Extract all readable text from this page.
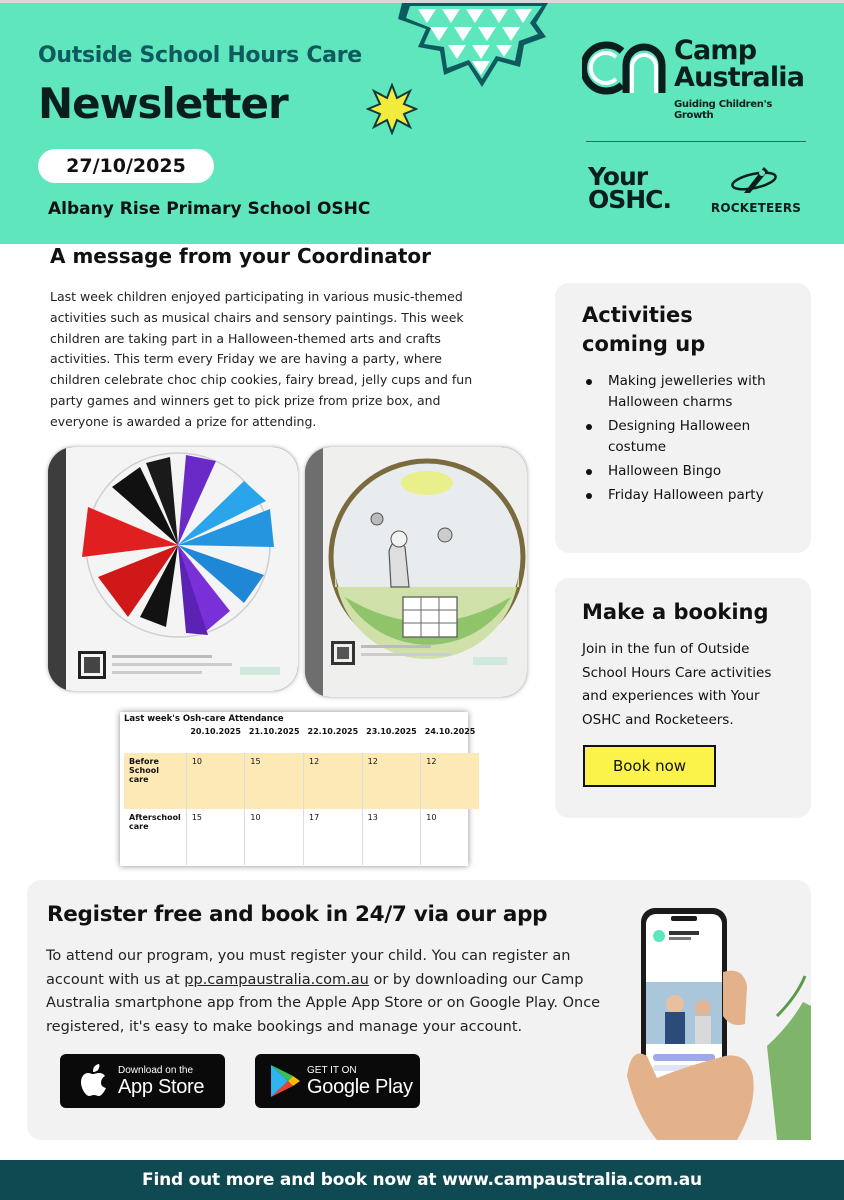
Outside School Hours Care
Newsletter
27/10/2025
Albany Rise Primary School OSHC
CA
Camp
Australia
Guiding Children's Growth
Your
OSHC.	ROCKETEERS
A message from your Coordinator
Last week children enjoyed participating in various music-themed activities such as musical chairs and sensory paintings. This week children are taking part in a Halloween-themed arts and crafts activities. This term every Friday we are having a party, where children celebrate choc chip cookies, fairy bread, jelly cups and fun party games and winners get to pick prize from prize box, and everyone is awarded a prize for attending.
Last week's Osh-care Attendance
	20.10.2025	21.10.2025	22.10.2025	23.10.2025	24.10.2025
Before School care	10	15	12	12	12
Afterschool care	15	10	17	13	10
Activities
coming up
Making jewelleries with Halloween charms
Designing Halloween costume
Halloween Bingo
Friday Halloween party
Make a booking
Join in the fun of Outside School Hours Care activities and experiences with Your OSHC and Rocketeers.
Book now
Register free and book in 24/7 via our app
To attend our program, you must register your child. You can register an account with us at pp.campaustralia.com.au or by downloading our Camp Australia smartphone app from the Apple App Store or on Google Play. Once registered, it's easy to make bookings and manage your account.
Download on the
App Store
GET IT ON
Google Play
Find out more and book now at www.campaustralia.com.au
